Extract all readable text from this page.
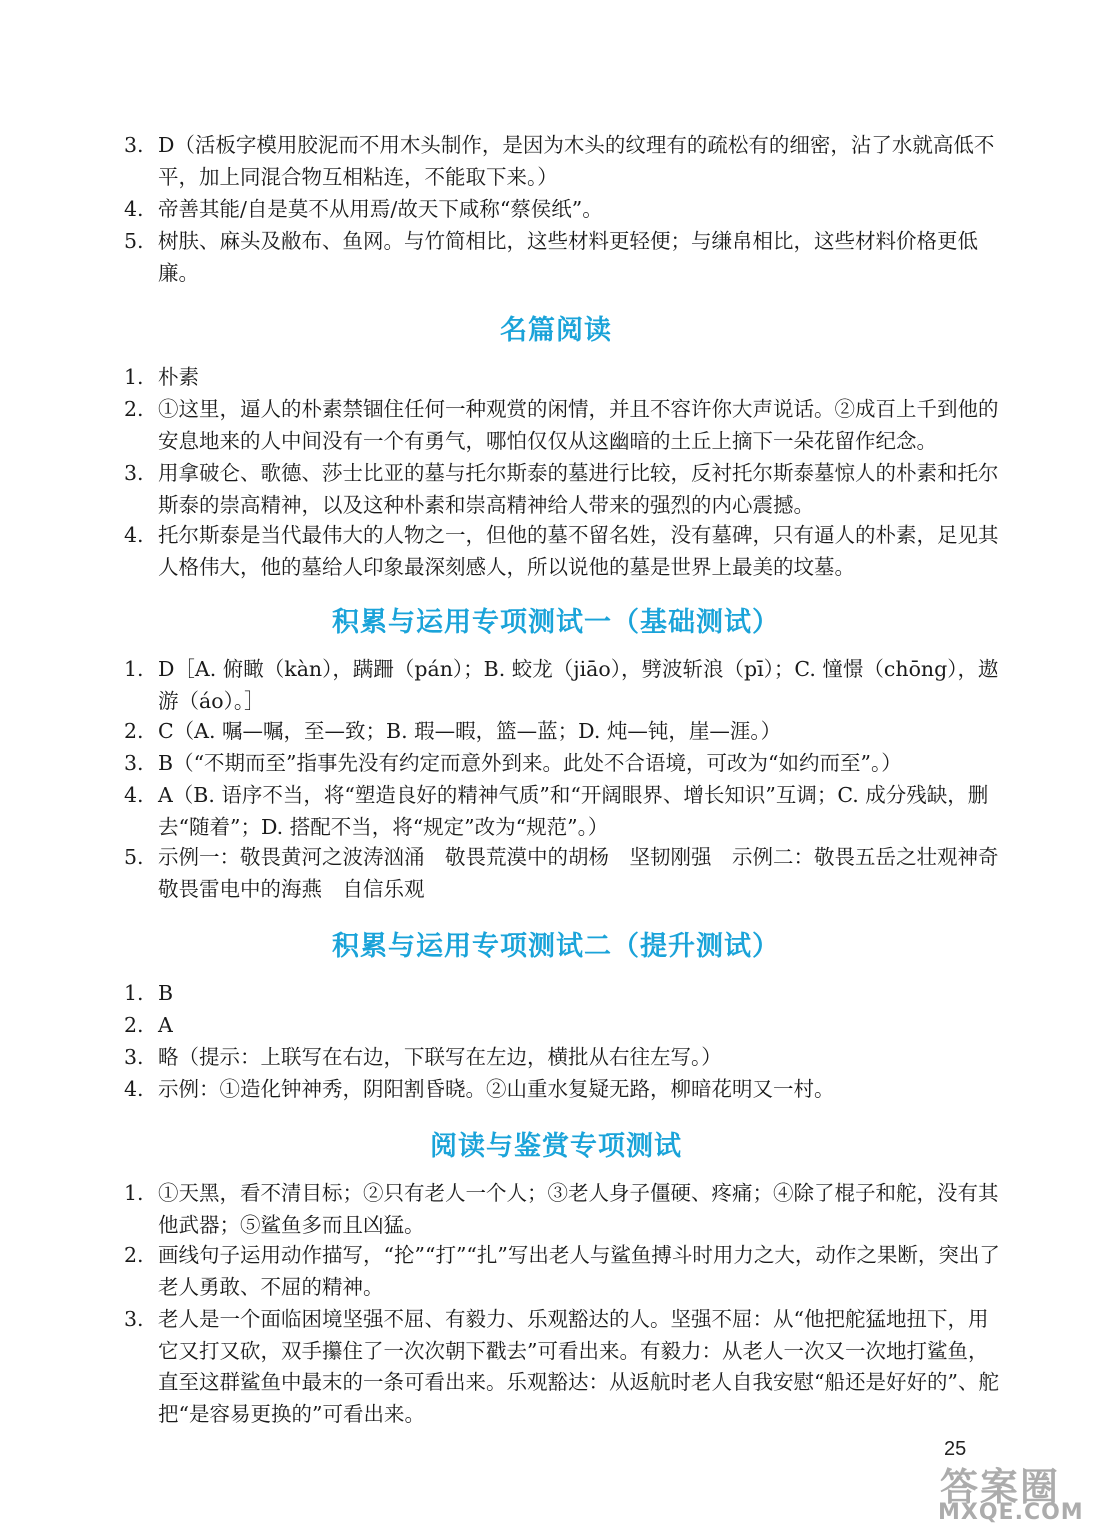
3. D（活板字模用胶泥而不用木头制作，是因为木头的纹理有的疏松有的细密，沾了水就高低不平，加上同混合物互相粘连，不能取下来。）
4. 帝善其能/自是莫不从用焉/故天下咸称“蔡侯纸”。
5. 树肤、麻头及敝布、鱼网。与竹简相比，这些材料更轻便；与缣帛相比，这些材料价格更低廉。
名篇阅读
1. 朴素
2. ①这里，逼人的朴素禁锢住任何一种观赏的闲情，并且不容许你大声说话。②成百上千到他的安息地来的人中间没有一个有勇气，哪怕仅仅从这幽暗的土丘上摘下一朵花留作纪念。
3. 用拿破仑、歌德、莎士比亚的墓与托尔斯泰的墓进行比较，反衬托尔斯泰墓惊人的朴素和托尔斯泰的崇高精神，以及这种朴素和崇高精神给人带来的强烈的内心震撼。
4. 托尔斯泰是当代最伟大的人物之一，但他的墓不留名姓，没有墓碑，只有逼人的朴素，足见其人格伟大，他的墓给人印象最深刻感人，所以说他的墓是世界上最美的坟墓。
积累与运用专项测试一（基础测试）
1. D［A. 俯瞰（kàn），蹒跚（pán）；B. 蛟龙（jiāo），劈波斩浪（pī）；C. 憧憬（chōng），遨游（áo）。］
2. C（A. 嘱—嘱，至—致；B. 瑕—暇，篮—蓝；D. 炖—钝，崖—涯。）
3. B（“不期而至”指事先没有约定而意外到来。此处不合语境，可改为“如约而至”。）
4. A（B. 语序不当，将“塑造良好的精神气质”和“开阔眼界、增长知识”互调；C. 成分残缺，删去“随着”；D. 搭配不当，将“规定”改为“规范”。）
5. 示例一：敬畏黄河之波涛汹涌　敬畏荒漠中的胡杨　坚韧刚强　示例二：敬畏五岳之壮观神奇　敬畏雷电中的海燕　自信乐观
积累与运用专项测试二（提升测试）
1. B
2. A
3. 略（提示：上联写在右边，下联写在左边，横批从右往左写。）
4. 示例：①造化钟神秀，阴阳割昏晓。②山重水复疑无路，柳暗花明又一村。
阅读与鉴赏专项测试
1. ①天黑，看不清目标；②只有老人一个人；③老人身子僵硬、疼痛；④除了棍子和舵，没有其他武器；⑤鲨鱼多而且凶猛。
2. 画线句子运用动作描写，“抡”“打”“扎”写出老人与鲨鱼搏斗时用力之大，动作之果断，突出了老人勇敢、不屈的精神。
3. 老人是一个面临困境坚强不屈、有毅力、乐观豁达的人。坚强不屈：从“他把舵猛地扭下，用它又打又砍，双手攥住了一次次朝下戳去”可看出来。有毅力：从老人一次又一次地打鲨鱼，直至这群鲨鱼中最末的一条可看出来。乐观豁达：从返航时老人自我安慰“船还是好好的”、舵把“是容易更换的”可看出来。
25
答案圈
MXQE.COM
